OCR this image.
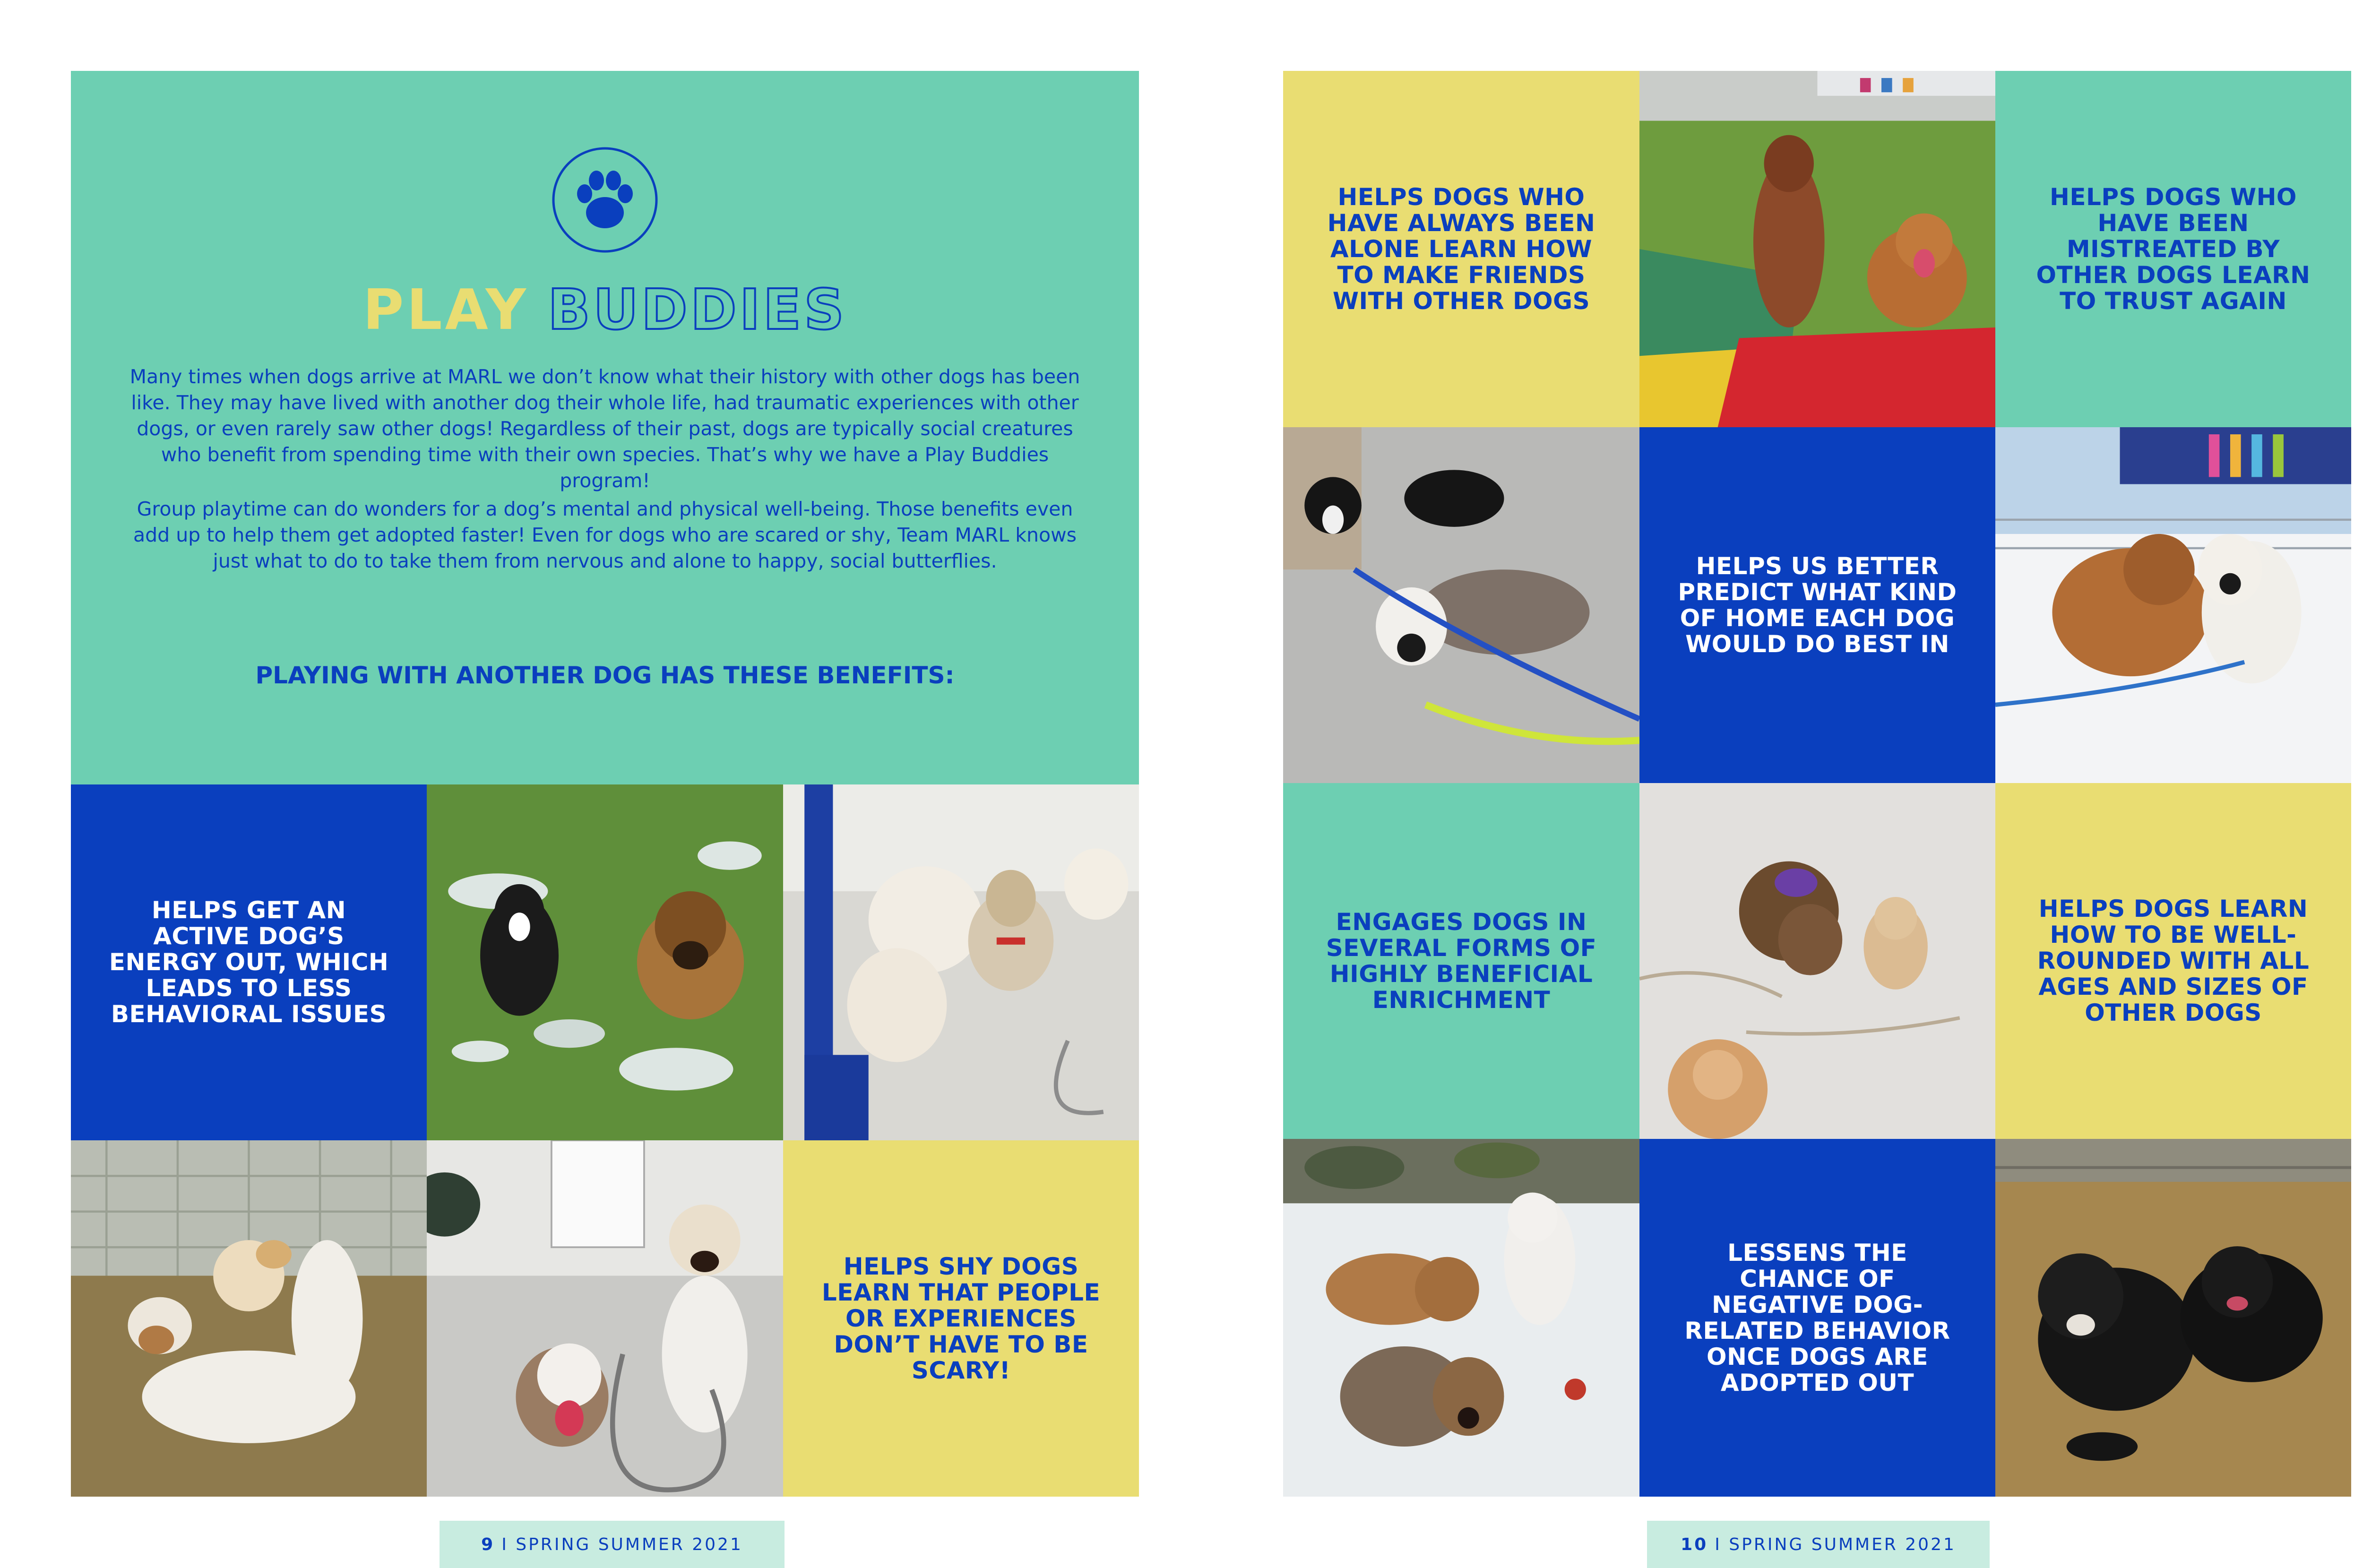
PLAY BUDDIES
Many times when dogs arrive at MARL we don’t know what their history with other dogs has been like. They may have lived with another dog their whole life, had traumatic experiences with other dogs, or even rarely saw other dogs! Regardless of their past, dogs are typically social creatures who benefit from spending time with their own species. That’s why we have a Play Buddies program!
Group playtime can do wonders for a dog’s mental and physical well-being. Those benefits even add up to help them get adopted faster! Even for dogs who are scared or shy, Team MARL knows just what to do to take them from nervous and alone to happy, social butterflies.
PLAYING WITH ANOTHER DOG HAS THESE BENEFITS:
HELPS GET AN ACTIVE DOG’S ENERGY OUT, WHICH LEADS TO LESS BEHAVIORAL ISSUES
HELPS SHY DOGS LEARN THAT PEOPLE OR EXPERIENCES DON’T HAVE TO BE SCARY!
9 I SPRING SUMMER 2021
HELPS DOGS WHO HAVE ALWAYS BEEN ALONE LEARN HOW TO MAKE FRIENDS WITH OTHER DOGS
HELPS DOGS WHO HAVE BEEN MISTREATED BY OTHER DOGS LEARN TO TRUST AGAIN
HELPS US BETTER PREDICT WHAT KIND OF HOME EACH DOG WOULD DO BEST IN
ENGAGES DOGS IN SEVERAL FORMS OF HIGHLY BENEFICIAL ENRICHMENT
HELPS DOGS LEARN HOW TO BE WELL-ROUNDED WITH ALL AGES AND SIZES OF OTHER DOGS
LESSENS THE CHANCE OF NEGATIVE DOG-RELATED BEHAVIOR ONCE DOGS ARE ADOPTED OUT
10 I SPRING SUMMER 2021
